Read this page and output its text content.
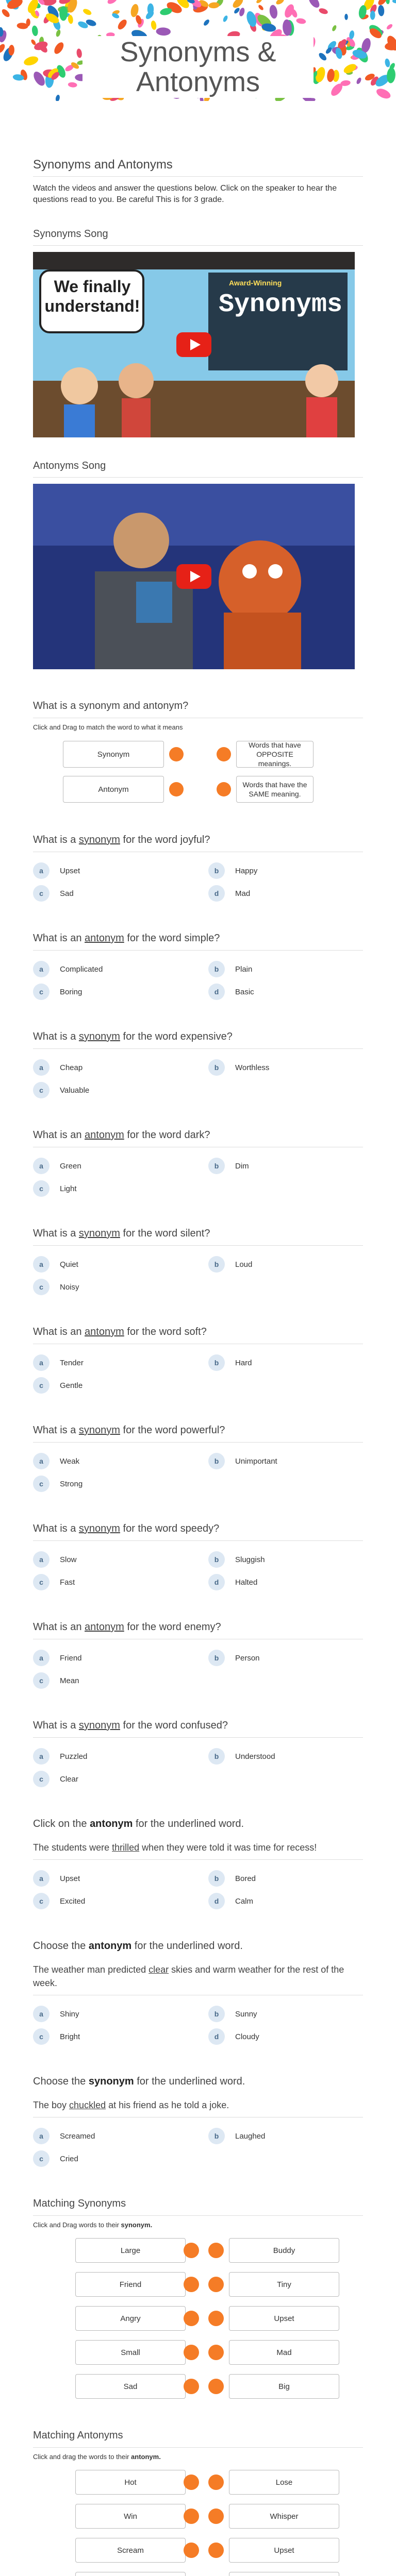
Synonyms &
Antonyms
Synonyms and Antonyms
Watch the videos and answer the questions below. Click on the speaker to hear the questions read to you. Be careful This is for 3 grade.
Synonyms Song
We finally understand!
Award-Winning
Synonyms
Antonyms Song
What is a synonym and antonym?
Click and Drag to match the word to what it means
Synonym
Words that have OPPOSITE meanings.
Antonym
Words that have the SAME meaning.
What is a synonym for the word joyful?
a	Upset	b	Happy
c	Sad	d	Mad
What is an antonym for the word simple?
a	Complicated	b	Plain
c	Boring	d	Basic
What is a synonym for the word expensive?
a	Cheap	b	Worthless
c	Valuable
What is an antonym for the word dark?
a	Green	b	Dim
c	Light
What is a synonym for the word silent?
a	Quiet	b	Loud
c	Noisy
What is an antonym for the word soft?
a	Tender	b	Hard
c	Gentle
What is a synonym for the word powerful?
a	Weak	b	Unimportant
c	Strong
What is a synonym for the word speedy?
a	Slow	b	Sluggish
c	Fast	d	Halted
What is an antonym for the word enemy?
a	Friend	b	Person
c	Mean
What is a synonym for the word confused?
a	Puzzled	b	Understood
c	Clear
Click on the antonym for the underlined word.
The students were thrilled when they were told it was time for recess!
a	Upset	b	Bored
c	Excited	d	Calm
Choose the antonym for the underlined word.
The weather man predicted clear skies and warm weather for the rest of the week.
a	Shiny	b	Sunny
c	Bright	d	Cloudy
Choose the synonym for the underlined word.
The boy chuckled at his friend as he told a joke.
a	Screamed	b	Laughed
c	Cried
Matching Synonyms
Click and Drag words to their synonym.
Large	Buddy
Friend	Tiny
Angry	Upset
Small	Mad
Sad	Big
Matching Antonyms
Click and drag the words to their antonym.
Hot	Lose
Win	Whisper
Scream	Upset
